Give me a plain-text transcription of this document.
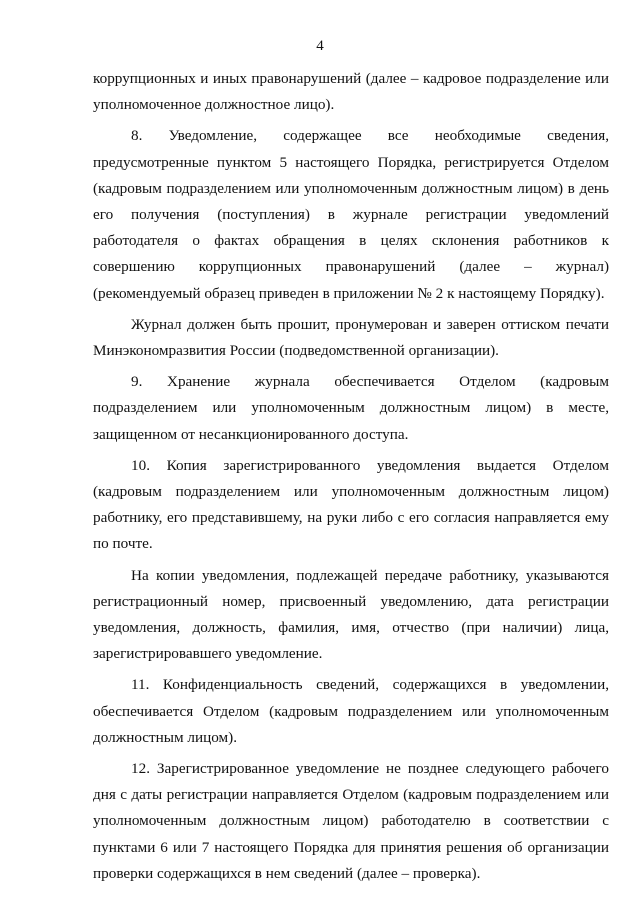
4

коррупционных и иных правонарушений (далее – кадровое подразделение или уполномоченное должностное лицо).

8. Уведомление, содержащее все необходимые сведения, предусмотренные пунктом 5 настоящего Порядка, регистрируется Отделом (кадровым подразделением или уполномоченным должностным лицом) в день его получения (поступления) в журнале регистрации уведомлений работодателя о фактах обращения в целях склонения работников к совершению коррупционных правонарушений (далее – журнал) (рекомендуемый образец приведен в приложении № 2 к настоящему Порядку).

Журнал должен быть прошит, пронумерован и заверен оттиском печати Минэкономразвития России (подведомственной организации).

9. Хранение журнала обеспечивается Отделом (кадровым подразделением или уполномоченным должностным лицом) в месте, защищенном от несанкционированного доступа.

10. Копия зарегистрированного уведомления выдается Отделом (кадровым подразделением или уполномоченным должностным лицом) работнику, его представившему, на руки либо с его согласия направляется ему по почте.

На копии уведомления, подлежащей передаче работнику, указываются регистрационный номер, присвоенный уведомлению, дата регистрации уведомления, должность, фамилия, имя, отчество (при наличии) лица, зарегистрировавшего уведомление.

11. Конфиденциальность сведений, содержащихся в уведомлении, обеспечивается Отделом (кадровым подразделением или уполномоченным должностным лицом).

12. Зарегистрированное уведомление не позднее следующего рабочего дня с даты регистрации направляется Отделом (кадровым подразделением или уполномоченным должностным лицом) работодателю в соответствии с пунктами 6 или 7 настоящего Порядка для принятия решения об организации проверки содержащихся в нем сведений (далее – проверка).
